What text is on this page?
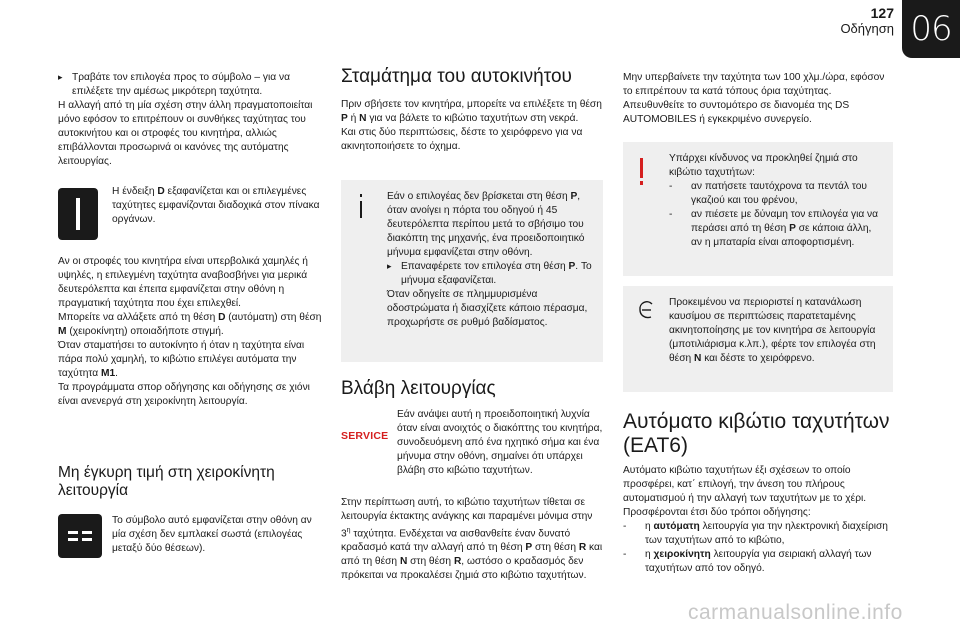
127
Οδήγηση 06
▸ Τραβάτε τον επιλογέα προς το σύμβολο – για να επιλέξετε την αμέσως μικρότερη ταχύτητα.

Η αλλαγή από τη μία σχέση στην άλλη πραγματοποιείται μόνο εφόσον το επιτρέπουν οι συνθήκες ταχύτητας του αυτοκινήτου και οι στροφές του κινητήρα, αλλιώς επιβάλλονται προσωρινά οι κανόνες της αυτόματης λειτουργίας.

Η ένδειξη D εξαφανίζεται και οι επιλεγμένες ταχύτητες εμφανίζονται διαδοχικά στον πίνακα οργάνων.

Αν οι στροφές του κινητήρα είναι υπερβολικά χαμηλές ή υψηλές, η επιλεγμένη ταχύτητα αναβοσβήνει για μερικά δευτερόλεπτα και έπειτα εμφανίζεται στην οθόνη η πραγματική ταχύτητα που έχει επιλεχθεί.

Μπορείτε να αλλάξετε από τη θέση D (αυτόματη) στη θέση M (χειροκίνητη) οποιαδήποτε στιγμή.

Όταν σταματήσει το αυτοκίνητο ή όταν η ταχύτητα είναι πάρα πολύ χαμηλή, το κιβώτιο επιλέγει αυτόματα την ταχύτητα M1.

Τα προγράμματα σπορ οδήγησης και οδήγησης σε χιόνι είναι ανενεργά στη χειροκίνητη λειτουργία.

Μη έγκυρη τιμή στη χειροκίνητη λειτουργία

Το σύμβολο αυτό εμφανίζεται στην οθόνη αν μία σχέση δεν εμπλακεί σωστά (επιλογέας μεταξύ δύο θέσεων).

Σταμάτημα του αυτοκινήτου

Πριν σβήσετε τον κινητήρα, μπορείτε να επιλέξετε τη θέση P ή N για να βάλετε το κιβώτιο ταχυτήτων στη νεκρά.

Και στις δύο περιπτώσεις, δέστε το χειρόφρενο για να ακινητοποιήσετε το όχημα.

Εάν ο επιλογέας δεν βρίσκεται στη θέση P, όταν ανοίγει η πόρτα του οδηγού ή 45 δευτερόλεπτα περίπου μετά το σβήσιμο του διακόπτη της μηχανής, ένα προειδοποιητικό μήνυμα εμφανίζεται στην οθόνη.

▸ Επαναφέρετε τον επιλογέα στη θέση P. Το μήνυμα εξαφανίζεται.

Όταν οδηγείτε σε πλημμυρισμένα οδοστρώματα ή διασχίζετε κάποιο πέρασμα, προχωρήστε σε ρυθμό βαδίσματος.

Βλάβη λειτουργίας
SERVICE

Εάν ανάψει αυτή η προειδοποιητική λυχνία όταν είναι ανοιχτός ο διακόπτης του κινητήρα, συνοδευόμενη από ένα ηχητικό σήμα και ένα μήνυμα στην οθόνη, σημαίνει ότι υπάρχει βλάβη στο κιβώτιο ταχυτήτων.

Στην περίπτωση αυτή, το κιβώτιο ταχυτήτων τίθεται σε λειτουργία έκτακτης ανάγκης και παραμένει μόνιμα στην $3^\eta$ ταχύτητα. Ενδέχεται να αισθανθείτε έναν δυνατό κραδασμό κατά την αλλαγή από τη θέση P στη θέση R και από τη θέση N στη θέση R, ωστόσο ο κραδασμός δεν πρόκειται να προκαλέσει ζημιά στο κιβώτιο ταχυτήτων.

Μην υπερβαίνετε την ταχύτητα των 100 χλμ./ώρα, εφόσον το επιτρέπουν τα κατά τόπους όρια ταχύτητας.

Απευθυνθείτε το συντομότερο σε διανομέα της DS AUTOMOBILES ή εγκεκριμένο συνεργείο.

Υπάρχει κίνδυνος να προκληθεί ζημιά στο κιβώτιο ταχυτήτων:

- αν πατήσετε ταυτόχρονα τα πεντάλ του γκαζιού και του φρένου,
- αν πιέσετε με δύναμη τον επιλογέα για να περάσει από τη θέση P σε κάποια άλλη, αν η μπαταρία είναι αποφορτισμένη.

Προκειμένου να περιοριστεί η κατανάλωση καυσίμου σε περιπτώσεις παρατεταμένης ακινητοποίησης με τον κινητήρα σε λειτουργία (μποτιλιάρισμα κ.λπ.), φέρτε τον επιλογέα στη θέση N και δέστε το χειρόφρενο.

Αυτόματο κιβώτιο ταχυτήτων (EAT6)

Αυτόματο κιβώτιο ταχυτήτων έξι σχέσεων το οποίο προσφέρει, κατ΄ επιλογή, την άνεση του πλήρους αυτοματισμού ή την αλλαγή των ταχυτήτων με το χέρι.

Προσφέρονται έτσι δύο τρόποι οδήγησης:

- η αυτόματη λειτουργία για την ηλεκτρονική διαχείριση των ταχυτήτων από το κιβώτιο,
- η χειροκίνητη λειτουργία για σειριακή αλλαγή των ταχυτήτων από τον οδηγό.
carmanualsonline.info
